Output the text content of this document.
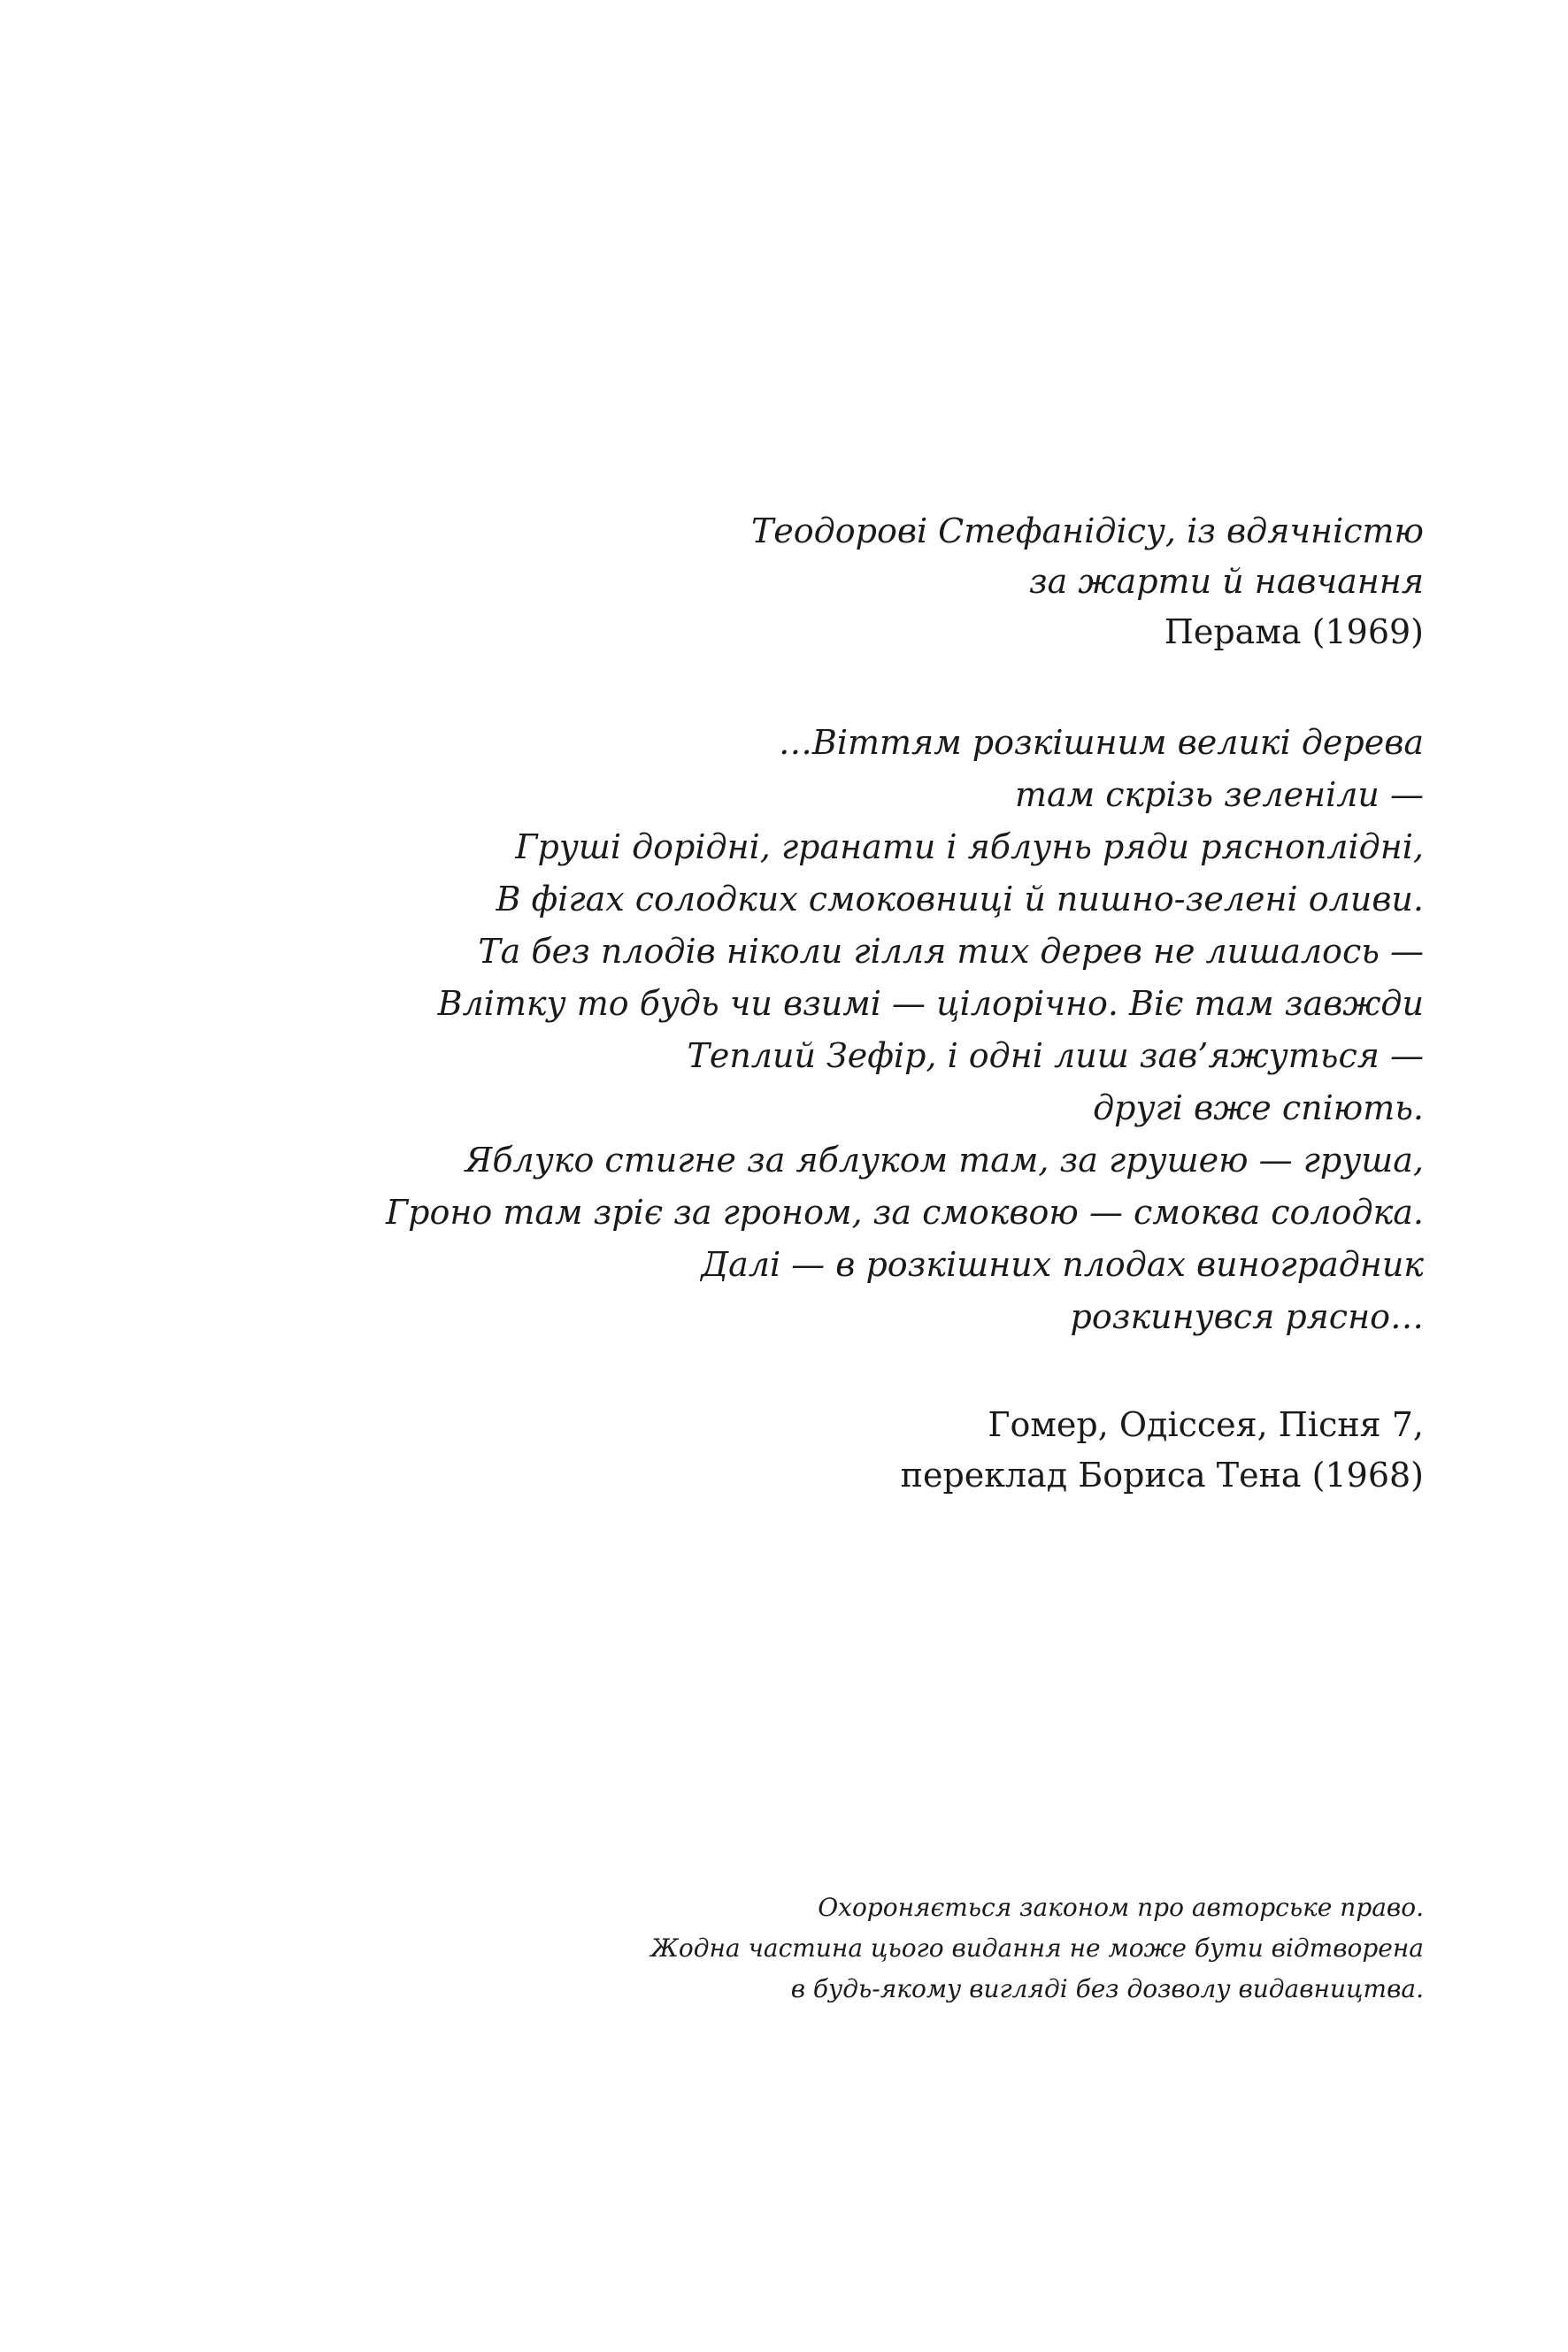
Теодорові Стефанідісу, із вдячністю
за жарти й навчання
Перама (1969)
…Віттям розкішним великі дерева
там скрізь зеленіли —
Груші дорідні, гранати і яблунь ряди рясноплідні,
В фігах солодких смоковниці й пишно-зелені оливи.
Та без плодів ніколи гілля тих дерев не лишалось —
Влітку то будь чи взимі — цілорічно. Віє там завжди
Теплий Зефір, і одні лиш зав’яжуться —
другі вже спіють.
Яблуко стигне за яблуком там, за грушею — груша,
Гроно там зріє за гроном, за смоквою — смоква солодка.
Далі — в розкішних плодах виноградник
розкинувся рясно…
Гомер, Одіссея, Пісня 7,
переклад Бориса Тена (1968)
Охороняється законом про авторське право.
Жодна частина цього видання не може бути відтворена
в будь-якому вигляді без дозволу видавництва.
